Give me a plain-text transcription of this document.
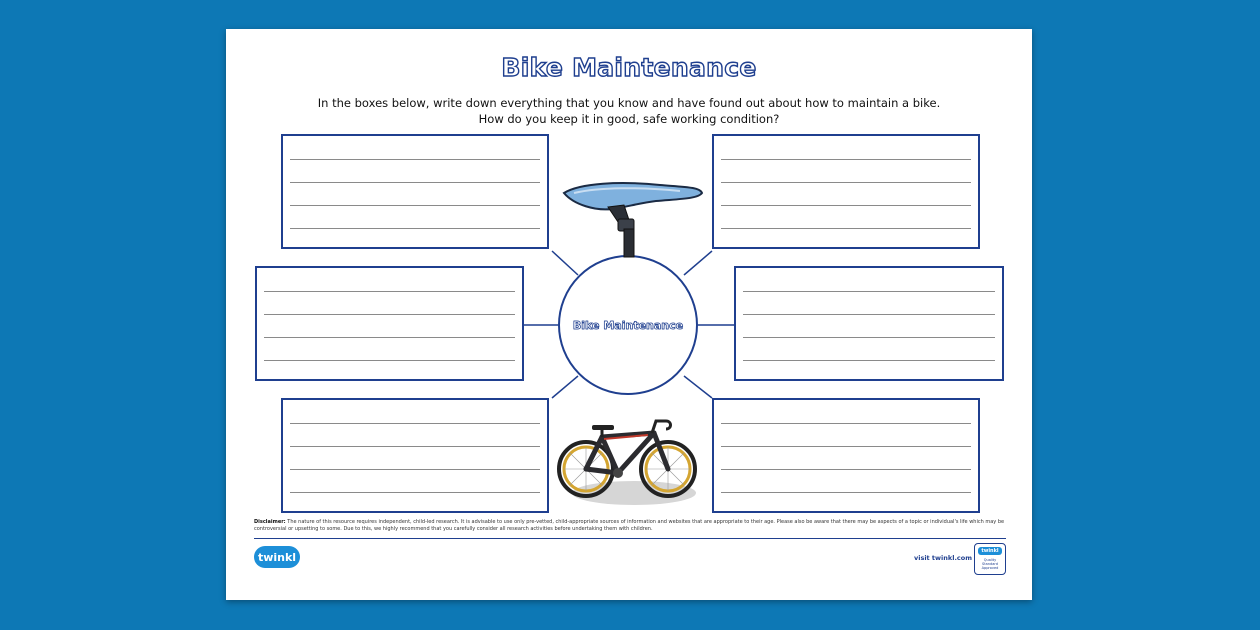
Bike Maintenance
In the boxes below, write down everything that you know and have found out about how to maintain a bike.
How do you keep it in good, safe working condition?
Bike Maintenance
Disclaimer: The nature of this resource requires independent, child-led research. It is advisable to use only pre-vetted, child-appropriate sources of information and websites that are appropriate to their age. Please also be aware that there may be aspects of a topic or individual's life which may be controversial or upsetting to some. Due to this, we highly recommend that you carefully consider all research activities before undertaking them with children.
twinkl	visit twinkl.com
twinkl
Quality Standard Approved
